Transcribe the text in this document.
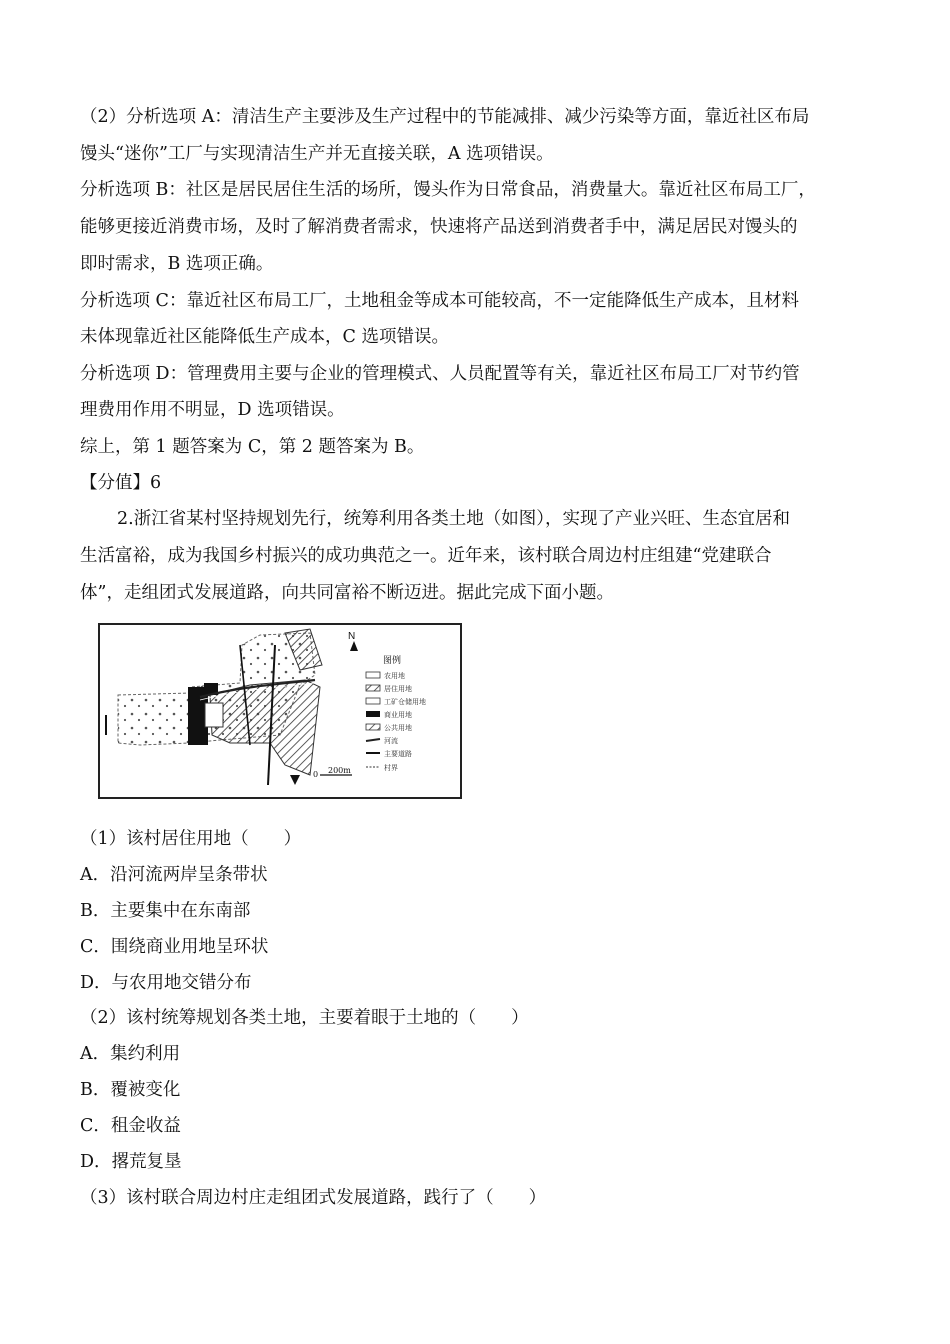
（2）分析选项 A：清洁生产主要涉及生产过程中的节能减排、减少污染等方面，靠近社区布局
馒头“迷你”工厂与实现清洁生产并无直接关联，A 选项错误。
分析选项 B：社区是居民居住生活的场所，馒头作为日常食品，消费量大。靠近社区布局工厂，
能够更接近消费市场，及时了解消费者需求，快速将产品送到消费者手中，满足居民对馒头的
即时需求，B 选项正确。
分析选项 C：靠近社区布局工厂，土地租金等成本可能较高，不一定能降低生产成本，且材料
未体现靠近社区能降低生产成本，C 选项错误。
分析选项 D：管理费用主要与企业的管理模式、人员配置等有关，靠近社区布局工厂对节约管
理费用作用不明显，D 选项错误。
综上，第 1 题答案为 C，第 2 题答案为 B。
【分值】6
2.浙江省某村坚持规划先行，统筹利用各类土地（如图），实现了产业兴旺、生态宜居和
生活富裕，成为我国乡村振兴的成功典范之一。近年来，该村联合周边村庄组建“党建联合
体”，走组团式发展道路，向共同富裕不断迈进。据此完成下面小题。
N
图例
农用地
居住用地
工矿仓储用地
商业用地
公共用地
河流
主要道路
村界
0 200m
（1）该村居住用地（　　）
A．沿河流两岸呈条带状
B．主要集中在东南部
C．围绕商业用地呈环状
D．与农用地交错分布
（2）该村统筹规划各类土地，主要着眼于土地的（　　）
A．集约利用
B．覆被变化
C．租金收益
D．撂荒复垦
（3）该村联合周边村庄走组团式发展道路，践行了（　　）
